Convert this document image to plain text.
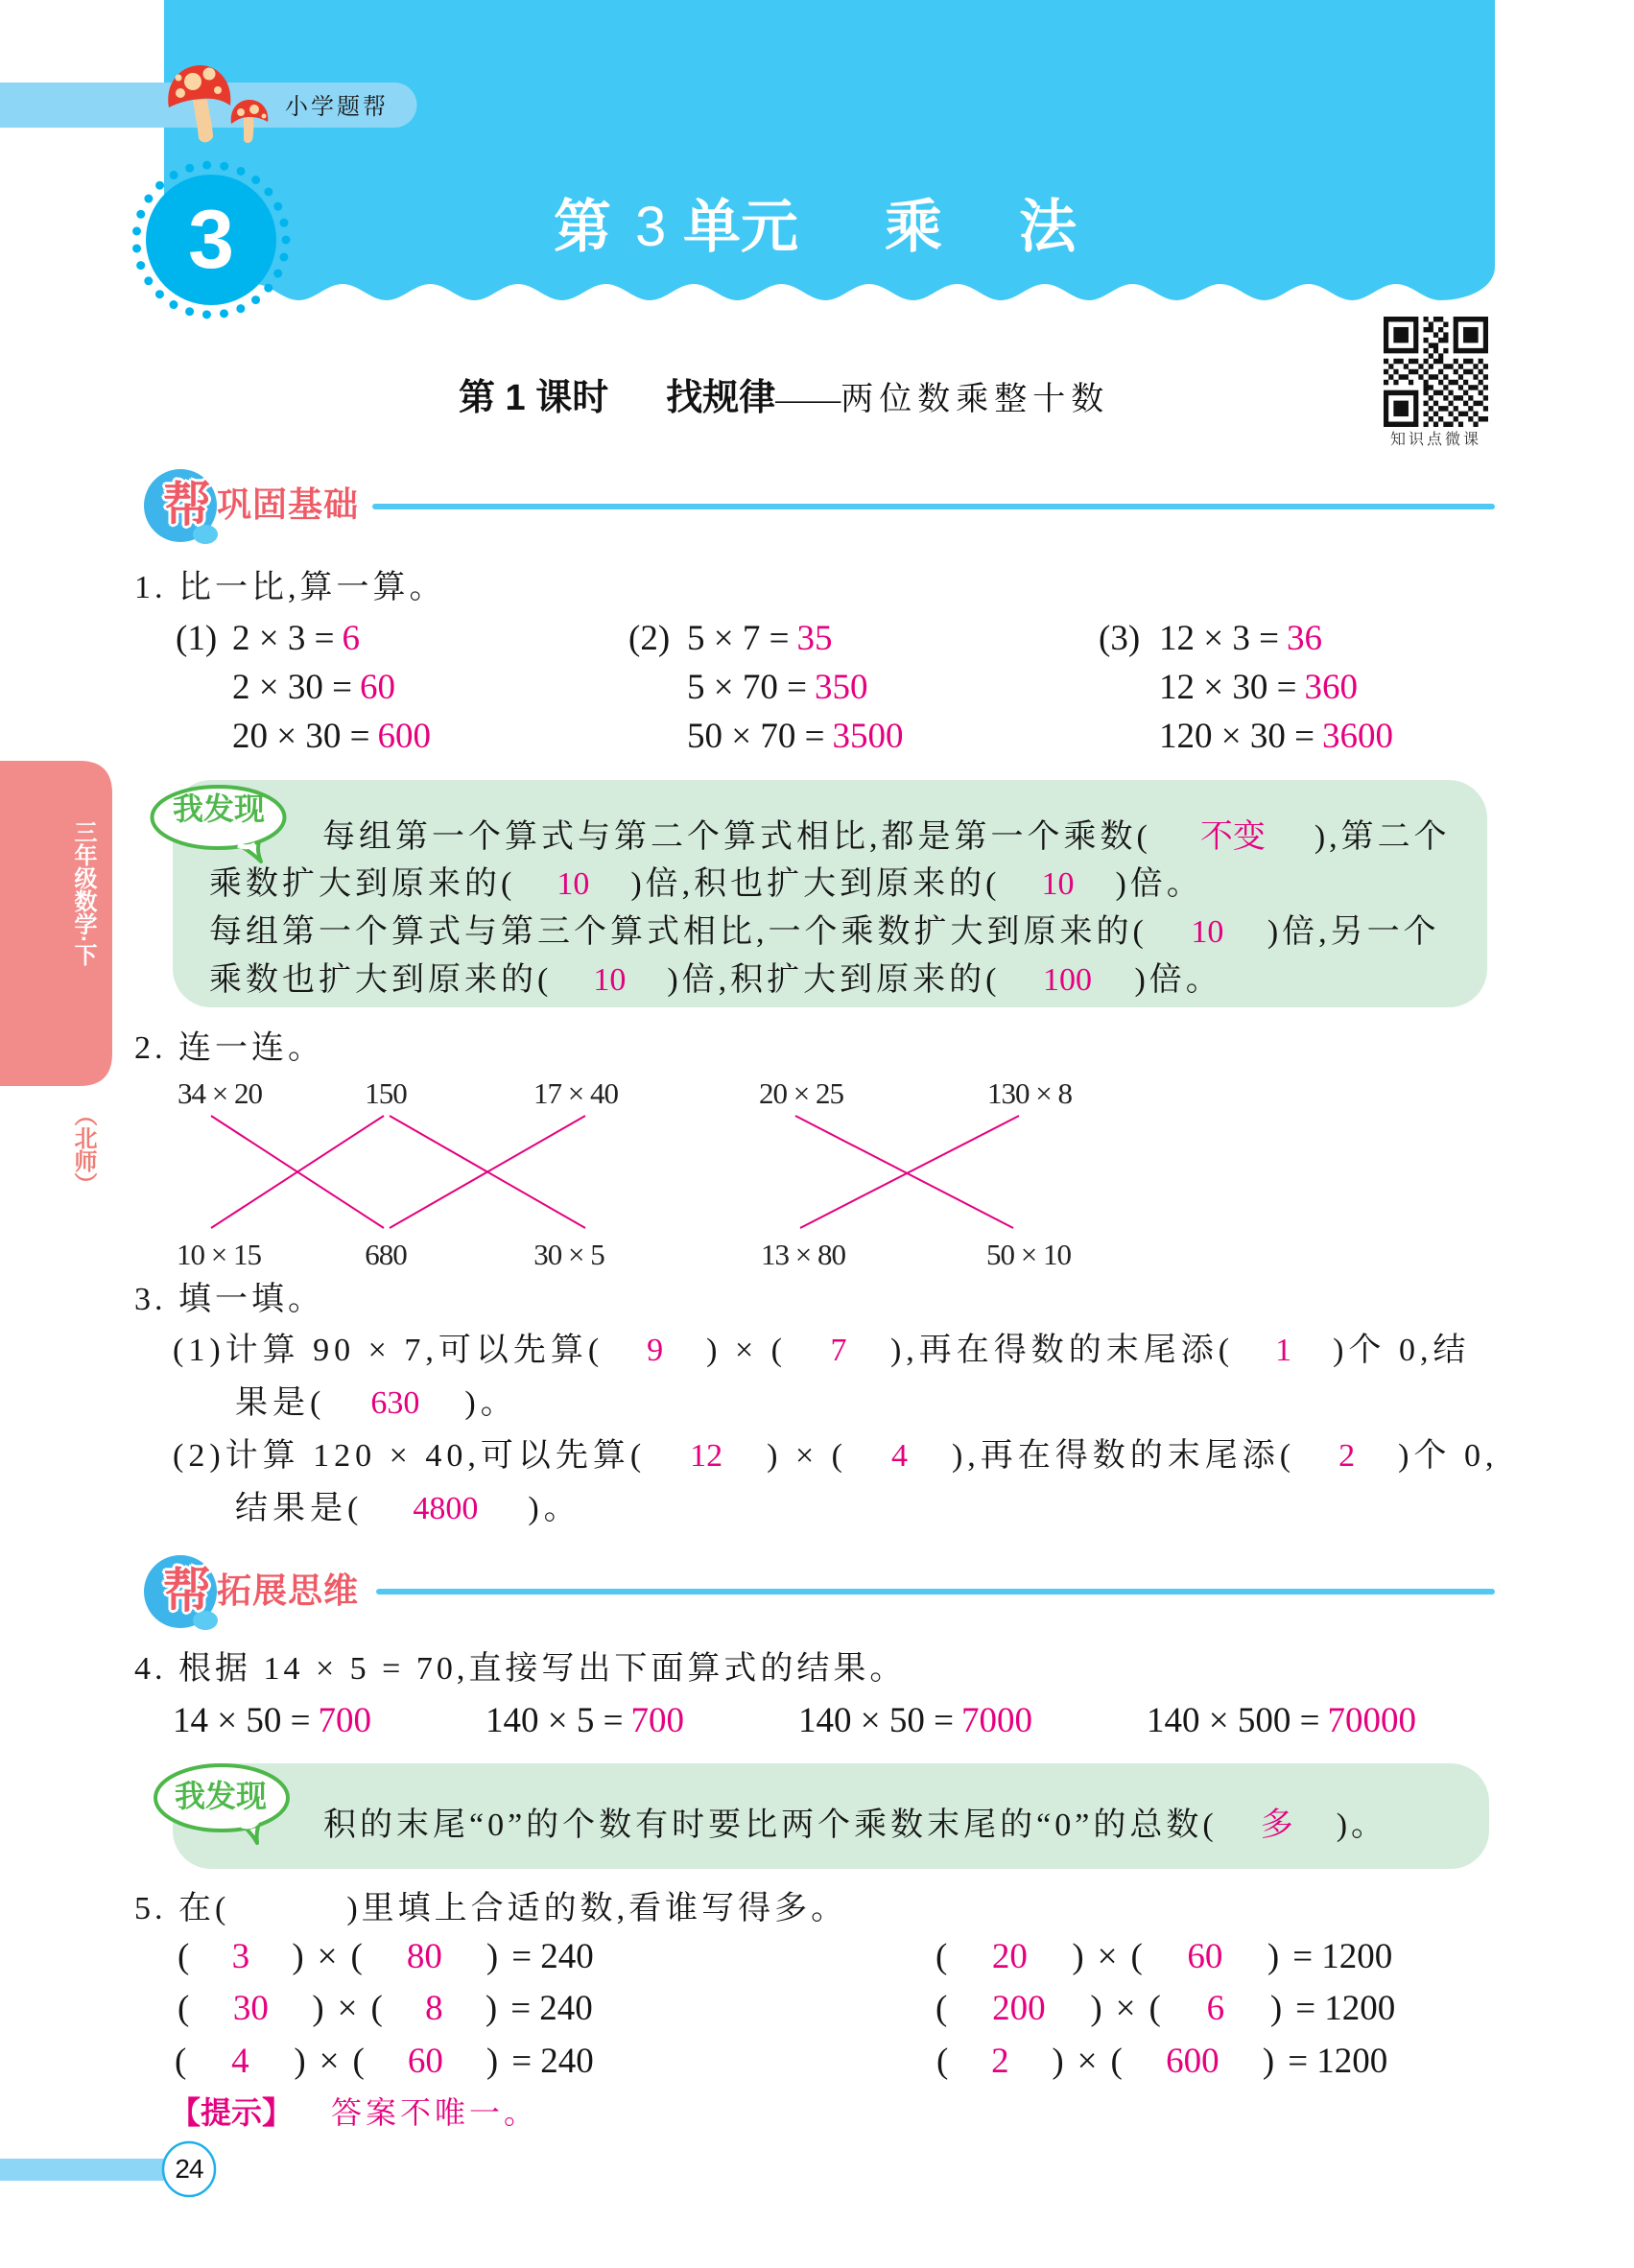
小学题帮
3	第 3 单元 乘 法
第 1 课时 找规律——两位数乘整十数
知识点微课
三年级数学·下
（北师）
帮 巩固基础
1. 比一比,算一算。
(1) 2 × 3 = 6
2 × 30 = 60
20 × 30 = 600
(2) 5 × 7 = 35
5 × 70 = 350
50 × 70 = 3500
(3) 12 × 3 = 36
12 × 30 = 360
120 × 30 = 3600
我发现
每组第一个算式与第二个算式相比,都是第一个乘数( 不变 ),第二个
乘数扩大到原来的( 10 )倍,积也扩大到原来的( 10 )倍。
每组第一个算式与第三个算式相比,一个乘数扩大到原来的( 10 )倍,另一个
乘数也扩大到原来的( 10 )倍,积扩大到原来的( 100 )倍。
2. 连一连。
34 × 20	150	17 × 40	20 × 25	130 × 8
10 × 15	680	30 × 5	13 × 80	50 × 10
3. 填一填。
(1)计算 90 × 7,可以先算( 9 ) × ( 7 ),再在得数的末尾添( 1 )个 0,结
果是( 630 )。
(2)计算 120 × 40,可以先算( 12 ) × ( 4 ),再在得数的末尾添( 2 )个 0,
结果是( 4800 )。
帮 拓展思维
4. 根据 14 × 5 = 70,直接写出下面算式的结果。
14 × 50 = 700	140 × 5 = 700	140 × 50 = 7000	140 × 500 = 70000
我发现
积的末尾“0”的个数有时要比两个乘数末尾的“0”的总数( 多 )。
5. 在(	)里填上合适的数,看谁写得多。
( 3 ) × ( 80 ) = 240
( 30 ) × ( 8 ) = 240
( 4 ) × ( 60 ) = 240
( 20 ) × ( 60 ) = 1200
( 200 ) × ( 6 ) = 1200
( 2 ) × ( 600 ) = 1200
【提示】 答案不唯一。
24
